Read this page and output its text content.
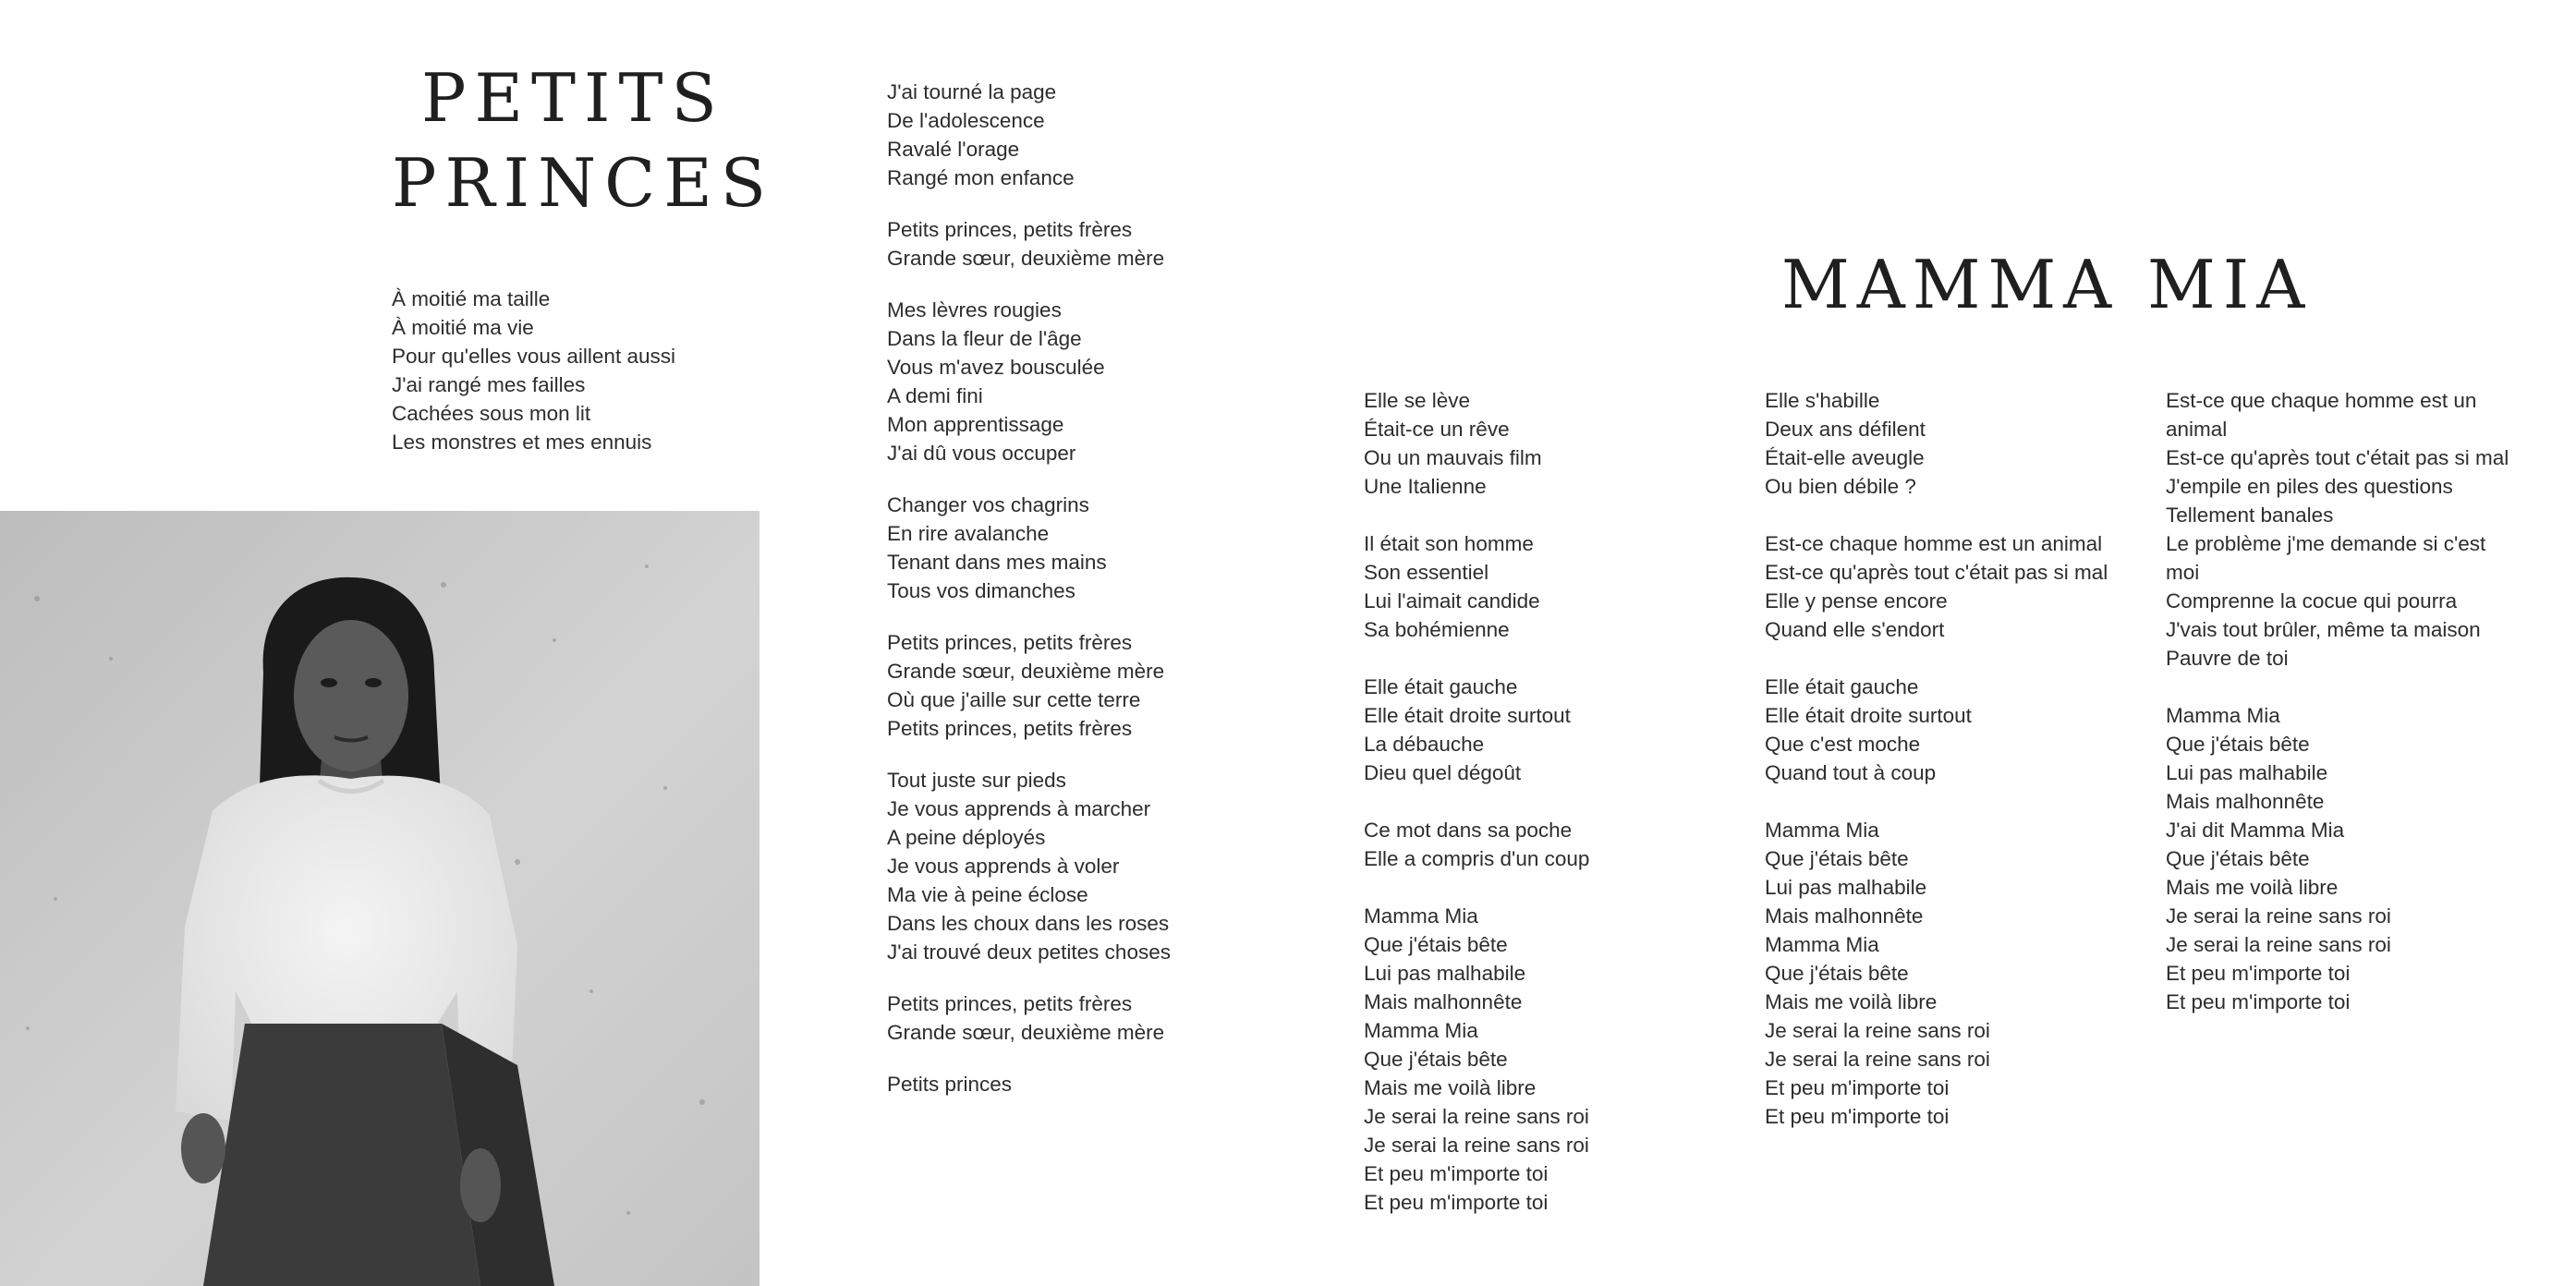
PETITS
PRINCES
À moitié ma taille
À moitié ma vie
Pour qu'elles vous aillent aussi
J'ai rangé mes failles
Cachées sous mon lit
Les monstres et mes ennuis
J'ai tourné la page
De l'adolescence
Ravalé l'orage
Rangé mon enfance
Petits princes, petits frères
Grande sœur, deuxième mère
Mes lèvres rougies
Dans la fleur de l'âge
Vous m'avez bousculée
A demi fini
Mon apprentissage
J'ai dû vous occuper
Changer vos chagrins
En rire avalanche
Tenant dans mes mains
Tous vos dimanches
Petits princes, petits frères
Grande sœur, deuxième mère
Où que j'aille sur cette terre
Petits princes, petits frères
Tout juste sur pieds
Je vous apprends à marcher
A peine déployés
Je vous apprends à voler
Ma vie à peine éclose
Dans les choux dans les roses
J'ai trouvé deux petites choses
Petits princes, petits frères
Grande sœur, deuxième mère
Petits princes
MAMMA MIA
Elle se lève
Était-ce un rêve
Ou un mauvais film
Une Italienne
Il était son homme
Son essentiel
Lui l'aimait candide
Sa bohémienne
Elle était gauche
Elle était droite surtout
La débauche
Dieu quel dégoût
Ce mot dans sa poche
Elle a compris d'un coup
Mamma Mia
Que j'étais bête
Lui pas malhabile
Mais malhonnête
Mamma Mia
Que j'étais bête
Mais me voilà libre
Je serai la reine sans roi
Je serai la reine sans roi
Et peu m'importe toi
Et peu m'importe toi
Elle s'habille
Deux ans défilent
Était-elle aveugle
Ou bien débile ?
Est-ce chaque homme est un animal
Est-ce qu'après tout c'était pas si mal
Elle y pense encore
Quand elle s'endort
Elle était gauche
Elle était droite surtout
Que c'est moche
Quand tout à coup
Mamma Mia
Que j'étais bête
Lui pas malhabile
Mais malhonnête
Mamma Mia
Que j'étais bête
Mais me voilà libre
Je serai la reine sans roi
Je serai la reine sans roi
Et peu m'importe toi
Et peu m'importe toi
Est-ce que chaque homme est un animal
Est-ce qu'après tout c'était pas si mal
J'empile en piles des questions
Tellement banales
Le problème j'me demande si c'est moi
Comprenne la cocue qui pourra
J'vais tout brûler, même ta maison
Pauvre de toi
Mamma Mia
Que j'étais bête
Lui pas malhabile
Mais malhonnête
J'ai dit Mamma Mia
Que j'étais bête
Mais me voilà libre
Je serai la reine sans roi
Je serai la reine sans roi
Et peu m'importe toi
Et peu m'importe toi
